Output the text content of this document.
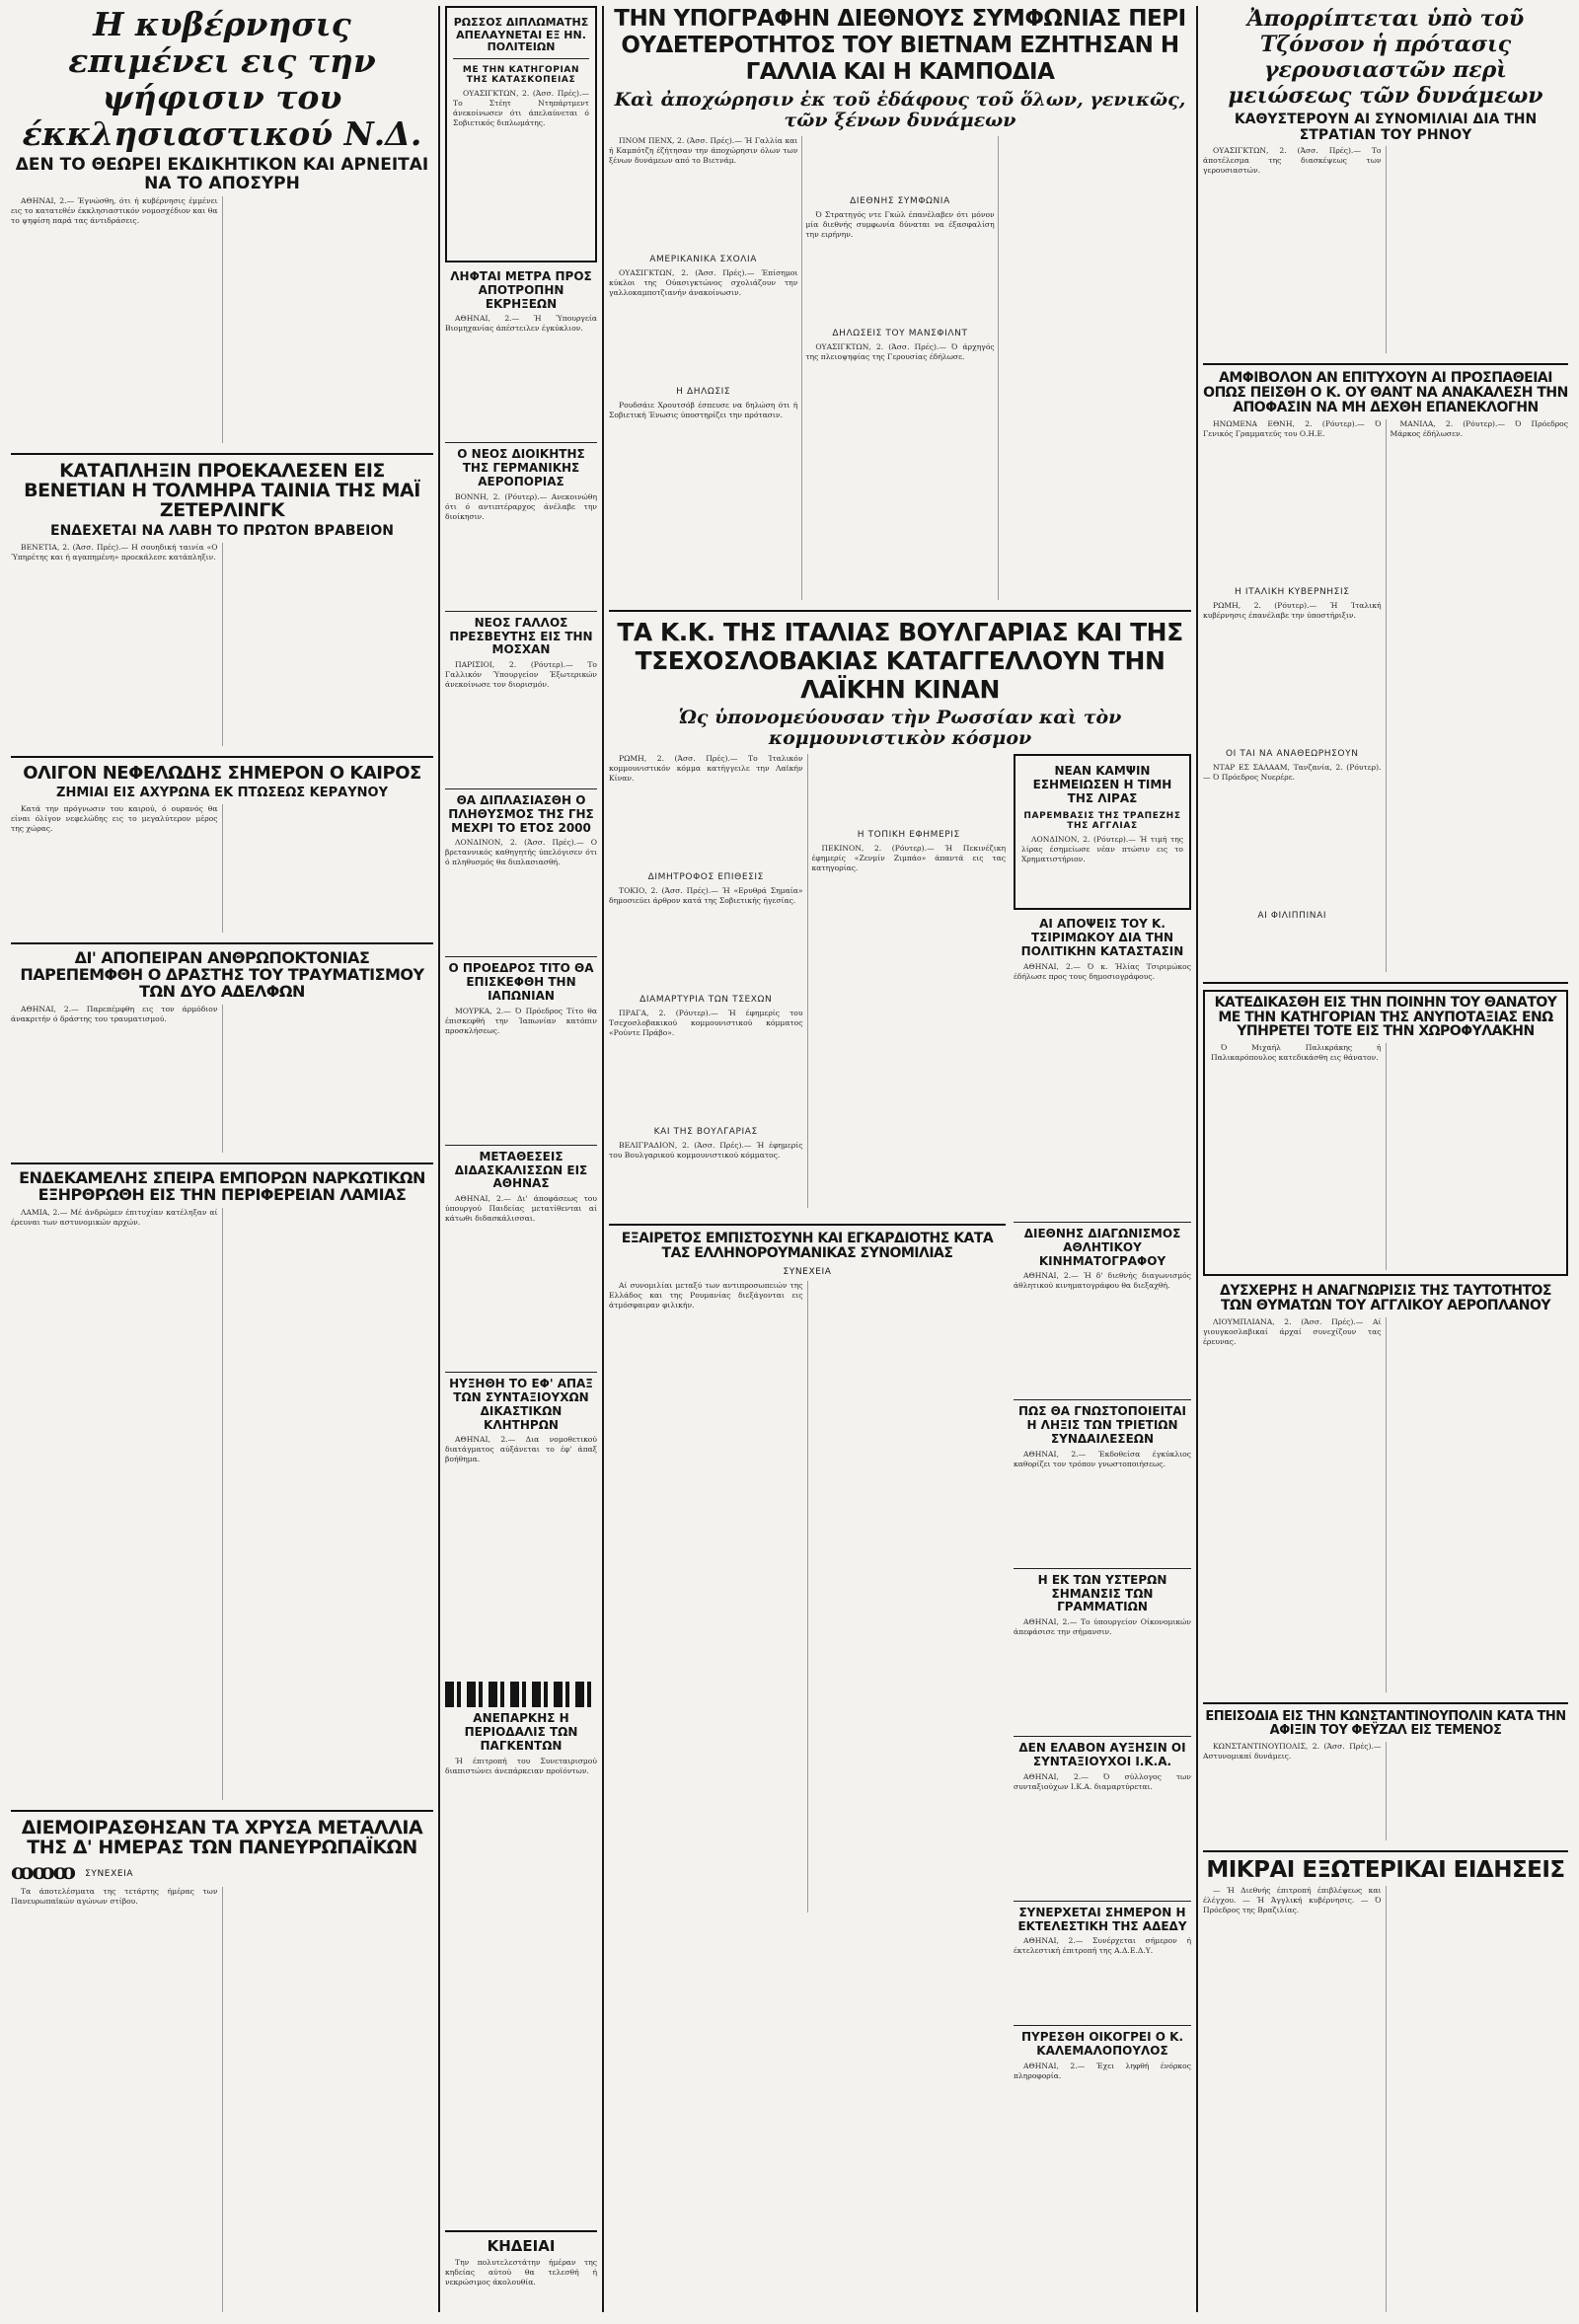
Η κυβέρνησις επιμένει εις την ψήφισιν του έκκλησιαστικού Ν.Δ.
ΔΕΝ ΤΟ ΘΕΩΡΕΙ ΕΚΔΙΚΗΤΙΚΟΝ ΚΑΙ ΑΡΝΕΙΤΑΙ ΝΑ ΤΟ ΑΠΟΣΥΡΗ

ΑΘΗΝΑΙ, 2.— Έγνώσθη, ότι ή κυβέρνησις έμμένει εις το κατατεθέν έκκλησιαστικόν νομοσχέδιον και θα το ψηφίση παρά τας άντιδράσεις.

ΚΑΤΑΠΛΗΞΙΝ ΠΡΟΕΚΑΛΕΣΕΝ ΕΙΣ ΒΕΝΕΤΙΑΝ Η ΤΟΛΜΗΡΑ ΤΑΙΝΙΑ ΤΗΣ ΜΑΪ ΖΕΤΕΡΛΙΝΓΚ
ΕΝΔΕΧΕΤΑΙ ΝΑ ΛΑΒΗ ΤΟ ΠΡΩΤΟΝ ΒΡΑΒΕΙΟΝ

ΒΕΝΕΤΙΑ, 2. (Άσσ. Πρές).— Η σουηδική ταινία «Ο Ύπηρέτης και ή αγαπημένη» προεκάλεσε κατάπληξιν.

ΟΛΙΓΟΝ ΝΕΦΕΛΩΔΗΣ ΣΗΜΕΡΟΝ Ο ΚΑΙΡΟΣ
ΖΗΜΙΑΙ ΕΙΣ ΑΧΥΡΩΝΑ ΕΚ ΠΤΩΣΕΩΣ ΚΕΡΑΥΝΟΥ

Κατά την πρόγνωσιν του καιρού, ό ουρανός θα είναι όλίγον νεφελώδης εις το μεγαλύτερον μέρος της χώρας.

ΔΙ' ΑΠΟΠΕΙΡΑΝ ΑΝΘΡΩΠΟΚΤΟΝΙΑΣ ΠΑΡΕΠΕΜΦΘΗ Ο ΔΡΑΣΤΗΣ ΤΟΥ ΤΡΑΥΜΑΤΙΣΜΟΥ ΤΩΝ ΔΥΟ ΑΔΕΛΦΩΝ

ΑΘΗΝΑΙ, 2.— Παρεπέμφθη εις τον άρμόδιον άνακριτήν ό δράστης του τραυματισμού.

ΕΝΔΕΚΑΜΕΛΗΣ ΣΠΕΙΡΑ ΕΜΠΟΡΩΝ ΝΑΡΚΩΤΙΚΩΝ ΕΞΗΡΘΡΩΘΗ ΕΙΣ ΤΗΝ ΠΕΡΙΦΕΡΕΙΑΝ ΛΑΜΙΑΣ

ΛΑΜΙΑ, 2.— Μέ άνδρώμεν έπιτυχίαν κατέληξαν αί έρευναι των αστυνομικών αρχών.

ΔΙΕΜΟΙΡΑΣΘΗΣΑΝ ΤΑ ΧΡΥΣΑ ΜΕΤΑΛΛΙΑ ΤΗΣ Δ' ΗΜΕΡΑΣ ΤΩΝ ΠΑΝΕΥΡΩΠΑΪΚΩΝ
ꝏꝏꝏ ΣΥΝΕΧΕΙΑ

Τα άποτελέσματα της τετάρτης ήμέρας των Πανευρωπαϊκών αγώνων στίβου.

ΡΩΣΣΟΣ ΔΙΠΛΩΜΑΤΗΣ ΑΠΕΛΑΥΝΕΤΑΙ ΕΞ ΗΝ. ΠΟΛΙΤΕΙΩΝ
ΜΕ ΤΗΝ ΚΑΤΗΓΟΡΙΑΝ ΤΗΣ ΚΑΤΑΣΚΟΠΕΙΑΣ

ΟΥΑΣΙΓΚΤΩΝ, 2. (Άσσ. Πρές).— Το Στέητ Ντηπάρτμεντ άνεκοίνωσεν ότι άπελαύνεται ό Σοβιετικός διπλωμάτης.

ΛΗΦΤΑΙ ΜΕΤΡΑ ΠΡΟΣ ΑΠΟΤΡΟΠΗΝ ΕΚΡΗΞΕΩΝ

ΑΘΗΝΑΙ, 2.— Ή Ύπουργεία Βιομηχανίας άπέστειλεν έγκύκλιον.

Ο ΝΕΟΣ ΔΙΟΙΚΗΤΗΣ ΤΗΣ ΓΕΡΜΑΝΙΚΗΣ ΑΕΡΟΠΟΡΙΑΣ

ΒΟΝΝΗ, 2. (Ρόυτερ).— Ανεκοινώθη ότι ό αντιπτέραρχος άνέλαβε την διοίκησιν.

ΝΕΟΣ ΓΑΛΛΟΣ ΠΡΕΣΒΕΥΤΗΣ ΕΙΣ ΤΗΝ ΜΟΣΧΑΝ

ΠΑΡΙΣΙΟΙ, 2. (Ρόυτερ).— Το Γαλλικόν Ύπουργείον Έξωτερικών άνεκοίνωσε τον διορισμόν.

ΘΑ ΔΙΠΛΑΣΙΑΣΘΗ Ο ΠΛΗΘΥΣΜΟΣ ΤΗΣ ΓΗΣ ΜΕΧΡΙ ΤΟ ΕΤΟΣ 2000

ΛΟΝΔΙΝΟΝ, 2. (Άσσ. Πρές).— Ο βρεταννικός καθηγητής ύπελόγισεν ότι ό πληθυσμός θα διπλασιασθή.

Ο ΠΡΟΕΔΡΟΣ ΤΙΤΟ ΘΑ ΕΠΙΣΚΕΦΘΗ ΤΗΝ ΙΑΠΩΝΙΑΝ

ΜΟΥΡΚΑ, 2.— Ό Πρόεδρος Τίτο θα έπισκεφθή την Ίαπωνίαν κατόπιν προσκλήσεως.

ΜΕΤΑΘΕΣΕΙΣ ΔΙΔΑΣΚΑΛΙΣΣΩΝ ΕΙΣ ΑΘΗΝΑΣ

ΑΘΗΝΑΙ, 2.— Δι' άποφάσεως του ύπουργού Παιδείας μετατίθενται αί κάτωθι διδασκάλισσαι.

ΗΥΞΗΘΗ ΤΟ ΕΦ' ΑΠΑΞ ΤΩΝ ΣΥΝΤΑΞΙΟΥΧΩΝ ΔΙΚΑΣΤΙΚΩΝ ΚΛΗΤΗΡΩΝ

ΑΘΗΝΑΙ, 2.— Δια νομοθετικού διατάγματος αύξάνεται το έφ' άπαξ βοήθημα.

ΑΝΕΠΑΡΚΗΣ Η ΠΕΡΙΟΔΑΛΙΣ ΤΩΝ ΠΑΓΚΕΝΤΩΝ

Ή έπιτροπή του Συνεταιρισμού διαπιστώνει άνεπάρκειαν προϊόντων.

ΚΗΔΕΙΑΙ

Την πολυτελεστάτην ήμέραν της κηδείας αύτού θα τελεσθή ή νεκρώσιμος άκολουθία.

ΤΗΝ ΥΠΟΓΡΑΦΗΝ ΔΙΕΘΝΟΥΣ ΣΥΜΦΩΝΙΑΣ ΠΕΡΙ ΟΥΔΕΤΕΡΟΤΗΤΟΣ ΤΟΥ ΒΙΕΤΝΑΜ ΕΖΗΤΗΣΑΝ Η ΓΑΛΛΙΑ ΚΑΙ Η ΚΑΜΠΟΔΙΑ
Καὶ ἀποχώρησιν ἐκ τοῦ ἐδάφους τοῦ ὅλων, γενικῶς, τῶν ξένων δυνάμεων

ΠΝΟΜ ΠΕΝΧ, 2. (Άσσ. Πρές).— Ή Γαλλία και ή Καμπότζη έζήτησαν την άποχώρησιν όλων των ξένων δυνάμεων από το Βιετνάμ.

ΑΜΕΡΙΚΑΝΙΚΑ ΣΧΟΛΙΑ

ΟΥΑΣΙΓΚΤΩΝ, 2. (Άσσ. Πρές).— Έπίσημοι κύκλοι της Ούασιγκτώνος σχολιάζουν την γαλλοκαμποτζιανήν άνακοίνωσιν.

Η ΔΗΛΩΣΙΣ

Ρουδσάιε Χρουτσόβ έσπευσε να δηλώση ότι ή Σοβιετική Ένωσις ύποστηρίζει την πρότασιν.

ΔΙΕΘΝΗΣ ΣΥΜΦΩΝΙΑ

Ό Στρατηγός ντε Γκώλ έπανέλαβεν ότι μόνον μία διεθνής συμφωνία δύναται να έξασφαλίση την ειρήνην.

ΔΗΛΩΣΕΙΣ ΤΟΥ ΜΑΝΣΦΙΛΝΤ

ΟΥΑΣΙΓΚΤΩΝ, 2. (Άσσ. Πρές).— Ό άρχηγός της πλειοψηφίας της Γερουσίας έδήλωσε.

ΤΑ Κ.Κ. ΤΗΣ ΙΤΑΛΙΑΣ ΒΟΥΛΓΑΡΙΑΣ ΚΑΙ ΤΗΣ ΤΣΕΧΟΣΛΟΒΑΚΙΑΣ ΚΑΤΑΓΓΕΛΛΟΥΝ ΤΗΝ ΛΑΪΚΗΝ ΚΙΝΑΝ
Ὡς ὑπονομεύουσαν τὴν Ρωσσίαν καὶ τὸν κομμουνιστικὸν κόσμον

ΡΩΜΗ, 2. (Άσσ. Πρές).— Το Ίταλικόν κομμουνιστικόν κόμμα κατήγγειλε την Λαϊκήν Κίναν.

ΔΙΜΗΤΡΟΦΟΣ ΕΠΙΘΕΣΙΣ

ΤΟΚΙΟ, 2. (Άσσ. Πρές).— Ή «Ερυθρά Σημαία» δημοσιεύει άρθρον κατά της Σοβιετικής ήγεσίας.

ΔΙΑΜΑΡΤΥΡΙΑ ΤΩΝ ΤΣΕΧΩΝ

ΠΡΑΓΑ, 2. (Ρόυτερ).— Ή έφημερίς του Τσεχοσλοβακικού κομμουνιστικού κόμματος «Ρούντε Πράβο».

ΚΑΙ ΤΗΣ ΒΟΥΛΓΑΡΙΑΣ

ΒΕΛΙΓΡΑΔΙΟΝ, 2. (Άσσ. Πρές).— Ή έφημερίς του Βουλγαρικού κομμουνιστικού κόμματος.

Η ΤΟΠΙΚΗ ΕΦΗΜΕΡΙΣ

ΠΕΚΙΝΟΝ, 2. (Ρόυτερ).— Ή Πεκινέζικη έφημερίς «Ζενμίν Ζιμπάο» άπαντά εις τας κατηγορίας.

ΝΕΑΝ ΚΑΜΨΙΝ ΕΣΗΜΕΙΩΣΕΝ Η ΤΙΜΗ ΤΗΣ ΛΙΡΑΣ
ΠΑΡΕΜΒΑΣΙΣ ΤΗΣ ΤΡΑΠΕΖΗΣ ΤΗΣ ΑΓΓΛΙΑΣ

ΛΟΝΔΙΝΟΝ, 2. (Ρόυτερ).— Ή τιμή της λίρας έσημείωσε νέαν πτώσιν εις το Χρηματιστήριον.

ΑΙ ΑΠΟΨΕΙΣ ΤΟΥ Κ. ΤΣΙΡΙΜΩΚΟΥ ΔΙΑ ΤΗΝ ΠΟΛΙΤΙΚΗΝ ΚΑΤΑΣΤΑΣΙΝ

ΑΘΗΝΑΙ, 2.— Ό κ. Ήλίας Τσιριμώκος έδήλωσε προς τους δημοσιογράφους.

ΕΞΑΙΡΕΤΟΣ ΕΜΠΙΣΤΟΣΥΝΗ ΚΑΙ ΕΓΚΑΡΔΙΟΤΗΣ ΚΑΤΑ ΤΑΣ ΕΛΛΗΝΟΡΟΥΜΑΝΙΚΑΣ ΣΥΝΟΜΙΛΙΑΣ
ΣΥΝΕΧΕΙΑ

Αί συνομιλίαι μεταξύ των αντιπροσωπειών της Ελλάδος και της Ρουμανίας διεξάγονται εις άτμόσφαιραν φιλικήν.

ΔΙΕΘΝΗΣ ΔΙΑΓΩΝΙΣΜΟΣ ΑΘΛΗΤΙΚΟΥ ΚΙΝΗΜΑΤΟΓΡΑΦΟΥ

ΑΘΗΝΑΙ, 2.— Ή δ' διεθνής διαγωνισμός άθλητικού κινηματογράφου θα διεξαχθή.

ΠΩΣ ΘΑ ΓΝΩΣΤΟΠΟΙΕΙΤΑΙ Η ΛΗΞΙΣ ΤΩΝ ΤΡΙΕΤΙΩΝ ΣΥΝΔΑΙΛΕΣΕΩΝ

ΑΘΗΝΑΙ, 2.— Έκδοθείσα έγκύκλιος καθορίζει τον τρόπον γνωστοποιήσεως.

Η ΕΚ ΤΩΝ ΥΣΤΕΡΩΝ ΣΗΜΑΝΣΙΣ ΤΩΝ ΓΡΑΜΜΑΤΙΩΝ

ΑΘΗΝΑΙ, 2.— Το ύπουργείον Οίκονομικών άπεφάσισε την σήμανσιν.

ΔΕΝ ΕΛΑΒΟΝ ΑΥΞΗΣΙΝ ΟΙ ΣΥΝΤΑΞΙΟΥΧΟΙ Ι.Κ.Α.

ΑΘΗΝΑΙ, 2.— Ό σύλλογος των συνταξιούχων Ι.Κ.Α. διαμαρτύρεται.

ΣΥΝΕΡΧΕΤΑΙ ΣΗΜΕΡΟΝ Η ΕΚΤΕΛΕΣΤΙΚΗ ΤΗΣ ΑΔΕΔΥ

ΑΘΗΝΑΙ, 2.— Συνέρχεται σήμερον ή έκτελεστική έπιτροπή της Α.Δ.Ε.Δ.Υ.

ΠΥΡΕΣΘΗ ΟΙΚΟΓΡΕΙ Ο Κ. ΚΑΛΕΜΑΛΟΠΟΥΛΟΣ

ΑΘΗΝΑΙ, 2.— Έχει ληφθή ένόρκος πληροφορία.

Ἀπορρίπτεται ὑπὸ τοῦ Τζόνσον ἡ πρότασις γερουσιαστῶν περὶ μειώσεως τῶν δυνάμεων
ΚΑΘΥΣΤΕΡΟΥΝ ΑΙ ΣΥΝΟΜΙΛΙΑΙ ΔΙΑ ΤΗΝ ΣΤΡΑΤΙΑΝ ΤΟΥ ΡΗΝΟΥ

ΟΥΑΣΙΓΚΤΩΝ, 2. (Άσσ. Πρές).— Το άποτέλεσμα της διασκέψεως των γερουσιαστών.

ΑΜΦΙΒΟΛΟΝ ΑΝ ΕΠΙΤΥΧΟΥΝ ΑΙ ΠΡΟΣΠΑΘΕΙΑΙ ΟΠΩΣ ΠΕΙΣΘΗ Ο Κ. ΟΥ ΘΑΝΤ ΝΑ ΑΝΑΚΑΛΕΣΗ ΤΗΝ ΑΠΟΦΑΣΙΝ ΝΑ ΜΗ ΔΕΧΘΗ ΕΠΑΝΕΚΛΟΓΗΝ

ΗΝΩΜΕΝΑ ΕΘΝΗ, 2. (Ρόυτερ).— Ό Γενικός Γραμματεύς του Ο.Η.Ε.

Η ΙΤΑΛΙΚΗ ΚΥΒΕΡΝΗΣΙΣ

ΡΩΜΗ, 2. (Ρόυτερ).— Ή Ίταλική κυβέρνησις έπανέλαβε την ύποστήριξιν.

ΟΙ ΤΑΙ ΝΑ ΑΝΑΘΕΩΡΗΣΟΥΝ

ΝΤΑΡ ΕΣ ΣΑΛΑΑΜ, Τανζανία, 2. (Ρόυτερ).— Ό Πρόεδρος Νυερέρε.

ΑΙ ΦΙΛΙΠΠΙΝΑΙ

ΜΑΝΙΛΑ, 2. (Ρόυτερ).— Ό Πρόεδρος Μάρκος έδήλωσεν.

ΚΑΤΕΔΙΚΑΣΘΗ ΕΙΣ ΤΗΝ ΠΟΙΝΗΝ ΤΟΥ ΘΑΝΑΤΟΥ ΜΕ ΤΗΝ ΚΑΤΗΓΟΡΙΑΝ ΤΗΣ ΑΝΥΠΟΤΑΞΙΑΣ ΕΝΩ ΥΠΗΡΕΤΕΙ ΤΟΤΕ ΕΙΣ ΤΗΝ ΧΩΡΟΦΥΛΑΚΗΝ

Ό Μιχαήλ Παλικράκης ή Παλικαρόπουλος κατεδικάσθη εις θάνατον.

ΔΥΣΧΕΡΗΣ Η ΑΝΑΓΝΩΡΙΣΙΣ ΤΗΣ ΤΑΥΤΟΤΗΤΟΣ ΤΩΝ ΘΥΜΑΤΩΝ ΤΟΥ ΑΓΓΛΙΚΟΥ ΑΕΡΟΠΛΑΝΟΥ

ΛΙΟΥΜΠΛΙΑΝΑ, 2. (Άσσ. Πρές).— Αί γιουγκοσλαβικαί άρχαί συνεχίζουν τας έρευνας.

ΕΠΕΙΣΟΔΙΑ ΕΙΣ ΤΗΝ ΚΩΝΣΤΑΝΤΙΝΟΥΠΟΛΙΝ ΚΑΤΑ ΤΗΝ ΑΦΙΞΙΝ ΤΟΥ ΦΕΫΖΑΛ ΕΙΣ ΤΕΜΕΝΟΣ

ΚΩΝΣΤΑΝΤΙΝΟΥΠΟΛΙΣ, 2. (Άσσ. Πρές).— Αστυνομικαί δυνάμεις.

ΜΙΚΡΑΙ ΕΞΩΤΕΡΙΚΑΙ ΕΙΔΗΣΕΙΣ

— Ή Διεθνής έπιτροπή έπιβλέψεως και έλέγχου. — Ή Άγγλική κυβέρνησις. — Ό Πρόεδρος της Βραζιλίας.
